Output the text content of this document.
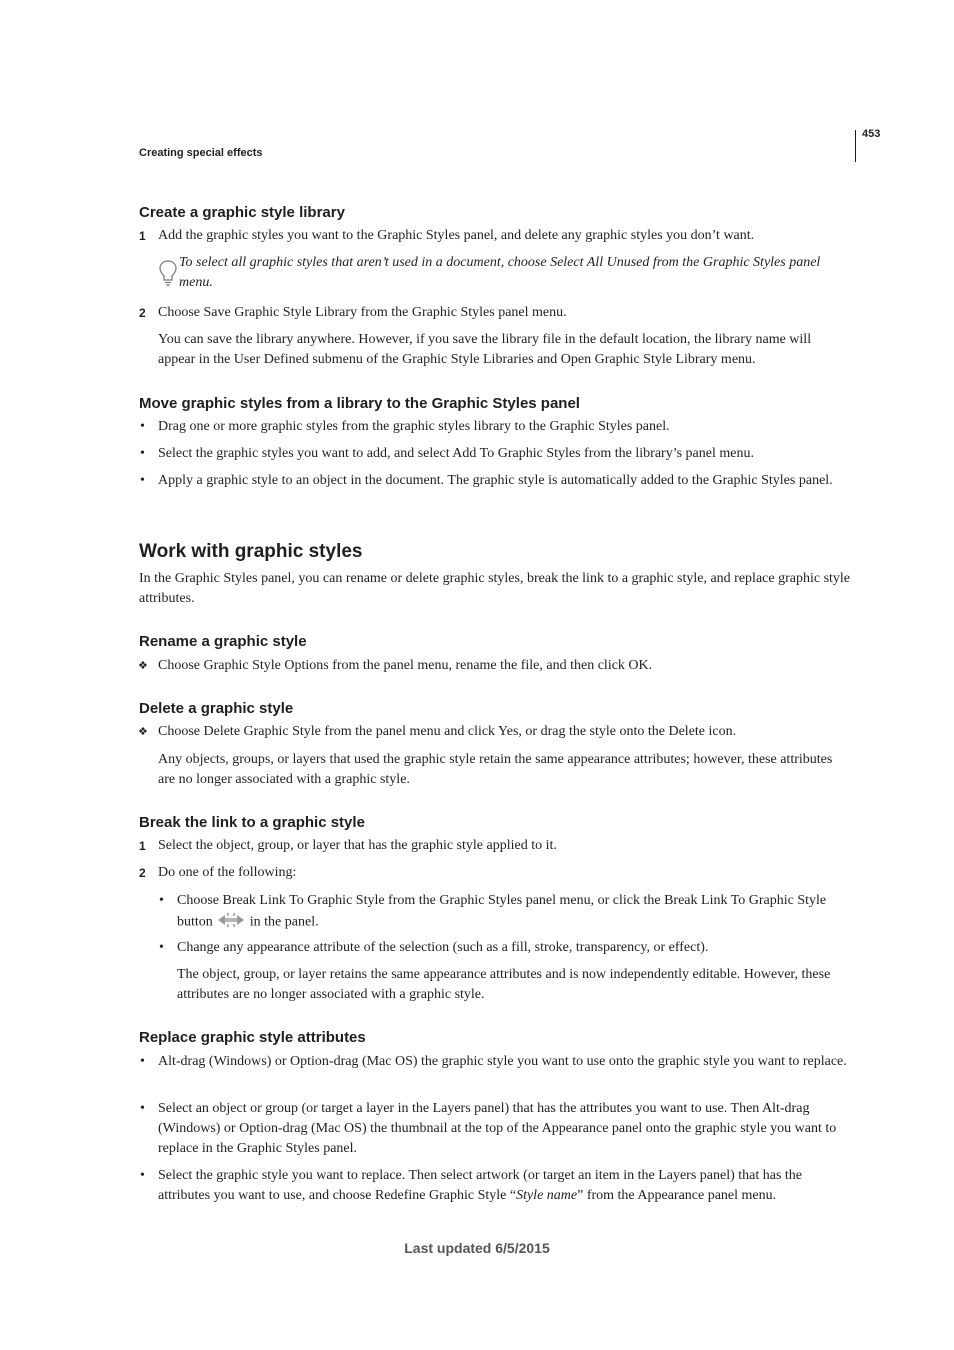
453
Creating special effects
Create a graphic style library
1 Add the graphic styles you want to the Graphic Styles panel, and delete any graphic styles you don’t want.
To select all graphic styles that aren’t used in a document, choose Select All Unused from the Graphic Styles panel menu.
2 Choose Save Graphic Style Library from the Graphic Styles panel menu.
You can save the library anywhere. However, if you save the library file in the default location, the library name will appear in the User Defined submenu of the Graphic Style Libraries and Open Graphic Style Library menu.
Move graphic styles from a library to the Graphic Styles panel
• Drag one or more graphic styles from the graphic styles library to the Graphic Styles panel.
• Select the graphic styles you want to add, and select Add To Graphic Styles from the library’s panel menu.
• Apply a graphic style to an object in the document. The graphic style is automatically added to the Graphic Styles panel.
Work with graphic styles
In the Graphic Styles panel, you can rename or delete graphic styles, break the link to a graphic style, and replace graphic style attributes.
Rename a graphic style
❖ Choose Graphic Style Options from the panel menu, rename the file, and then click OK.
Delete a graphic style
❖ Choose Delete Graphic Style from the panel menu and click Yes, or drag the style onto the Delete icon.
Any objects, groups, or layers that used the graphic style retain the same appearance attributes; however, these attributes are no longer associated with a graphic style.
Break the link to a graphic style
1 Select the object, group, or layer that has the graphic style applied to it.
2 Do one of the following:
• Choose Break Link To Graphic Style from the Graphic Styles panel menu, or click the Break Link To Graphic Style button	in the panel.
• Change any appearance attribute of the selection (such as a fill, stroke, transparency, or effect).
The object, group, or layer retains the same appearance attributes and is now independently editable. However, these attributes are no longer associated with a graphic style.
Replace graphic style attributes
• Alt-drag (Windows) or Option-drag (Mac OS) the graphic style you want to use onto the graphic style you want to replace.
• Select an object or group (or target a layer in the Layers panel) that has the attributes you want to use. Then Alt-drag (Windows) or Option-drag (Mac OS) the thumbnail at the top of the Appearance panel onto the graphic style you want to replace in the Graphic Styles panel.
• Select the graphic style you want to replace. Then select artwork (or target an item in the Layers panel) that has the attributes you want to use, and choose Redefine Graphic Style “Style name” from the Appearance panel menu.
Last updated 6/5/2015
